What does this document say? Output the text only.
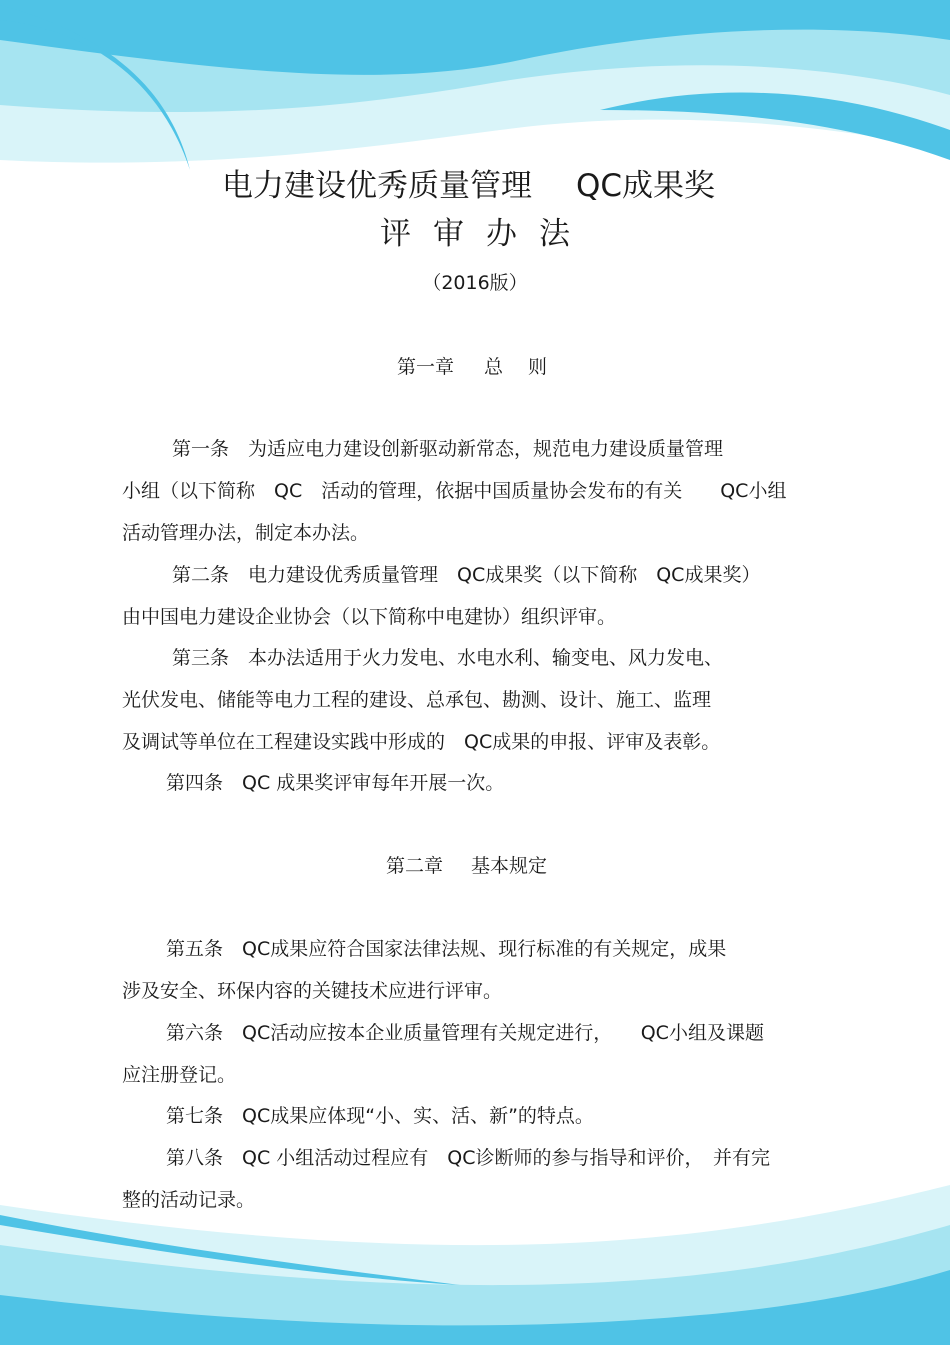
电力建设优秀质量管理 QC成果奖
评审办法
（2016版）
第一章 总 则
第一条　为适应电力建设创新驱动新常态，规范电力建设质量管理
小组（以下简称　QC　活动的管理，依据中国质量协会发布的有关　　QC小组
活动管理办法，制定本办法。
第二条　电力建设优秀质量管理　QC成果奖（以下简称　QC成果奖）
由中国电力建设企业协会（以下简称中电建协）组织评审。
第三条　本办法适用于火力发电、水电水利、输变电、风力发电、
光伏发电、储能等电力工程的建设、总承包、勘测、设计、施工、监理
及调试等单位在工程建设实践中形成的　QC成果的申报、评审及表彰。
第四条　QC 成果奖评审每年开展一次。
第二章 基本规定
第五条　QC成果应符合国家法律法规、现行标准的有关规定，成果
涉及安全、环保内容的关键技术应进行评审。
第六条　QC活动应按本企业质量管理有关规定进行，　　QC小组及课题
应注册登记。
第七条　QC成果应体现“小、实、活、新”的特点。
第八条　QC 小组活动过程应有　QC诊断师的参与指导和评价，　并有完
整的活动记录。
